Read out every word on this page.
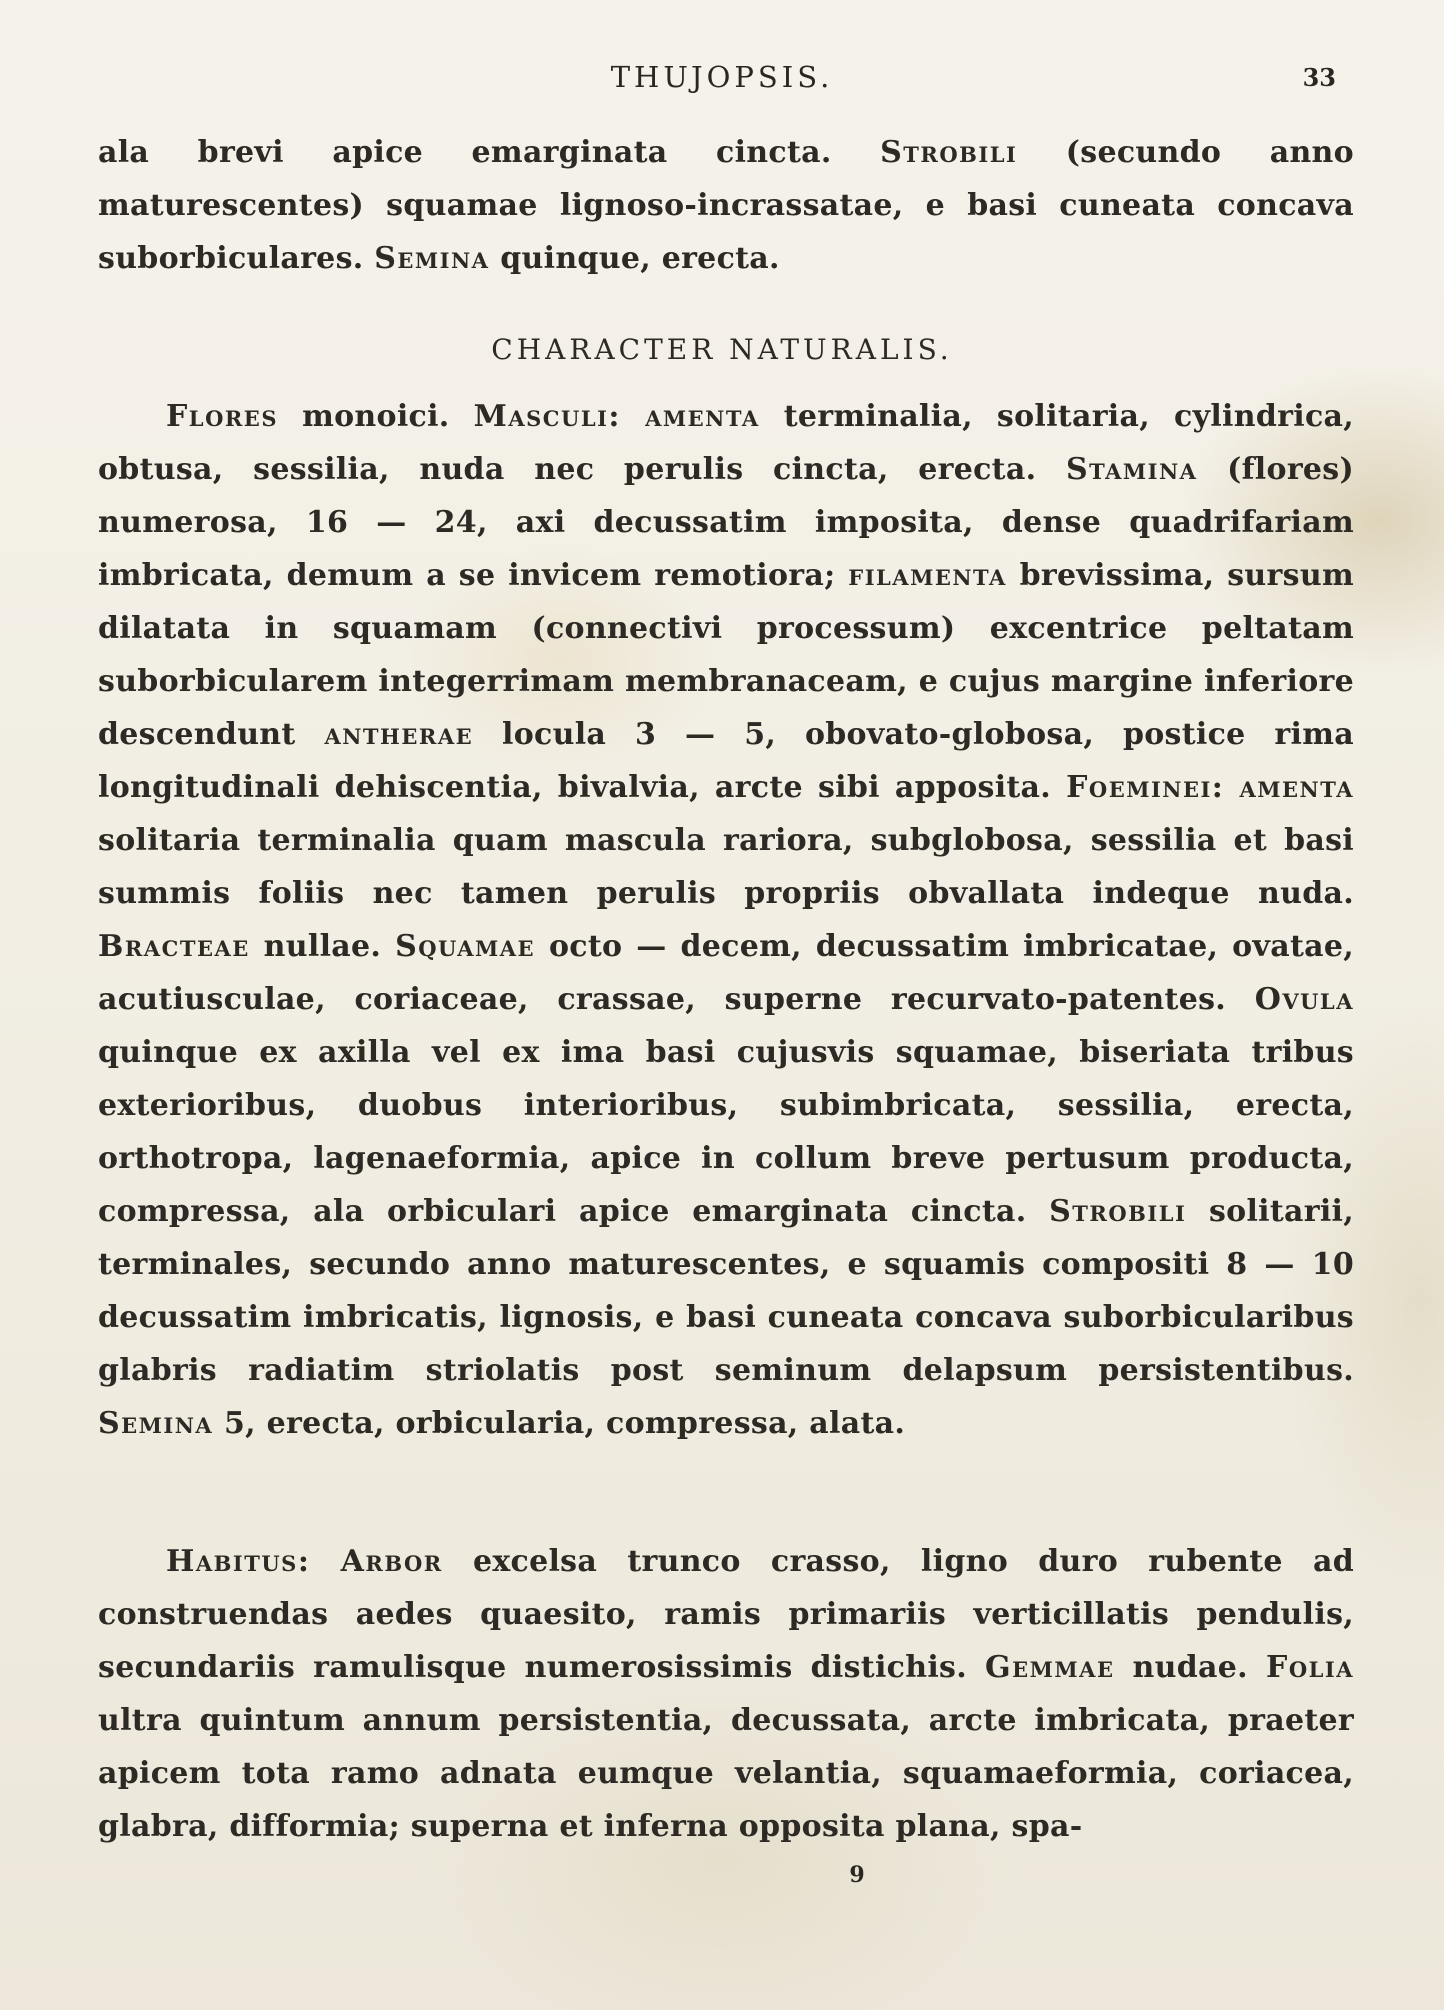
THUJOPSIS.	33

ala brevi apice emarginata cincta. Strobili (secundo anno maturescentes) squamae lignoso-incrassatae, e basi cuneata concava suborbiculares. Semina quinque, erecta.

CHARACTER NATURALIS.

Flores monoici. Masculi: amenta terminalia, solitaria, cylindrica, obtusa, sessilia, nuda nec perulis cincta, erecta. Stamina (flores) numerosa, 16 — 24, axi decussatim imposita, dense quadrifariam imbricata, demum a se invicem remotiora; filamenta brevissima, sursum dilatata in squamam (connectivi processum) excentrice peltatam suborbicularem integerrimam membranaceam, e cujus margine inferiore descendunt antherae locula 3 — 5, obovato-globosa, postice rima longitudinali dehiscentia, bivalvia, arcte sibi apposita. Foeminei: amenta solitaria terminalia quam mascula rariora, subglobosa, sessilia et basi summis foliis nec tamen perulis propriis obvallata indeque nuda. Bracteae nullae. Squamae octo — decem, decussatim imbricatae, ovatae, acutiusculae, coriaceae, crassae, superne recurvato-patentes. Ovula quinque ex axilla vel ex ima basi cujusvis squamae, biseriata tribus exterioribus, duobus interioribus, subimbricata, sessilia, erecta, orthotropa, lagenaeformia, apice in collum breve pertusum producta, compressa, ala orbiculari apice emarginata cincta. Strobili solitarii, terminales, secundo anno maturescentes, e squamis compositi 8 — 10 decussatim imbricatis, lignosis, e basi cuneata concava suborbicularibus glabris radiatim striolatis post seminum delapsum persistentibus. Semina 5, erecta, orbicularia, compressa, alata.

Habitus: Arbor excelsa trunco crasso, ligno duro rubente ad construendas aedes quaesito, ramis primariis verticillatis pendulis, secundariis ramulisque numerosissimis distichis. Gemmae nudae. Folia ultra quintum annum persistentia, decussata, arcte imbricata, praeter apicem tota ramo adnata eumque velantia, squamaeformia, coriacea, glabra, difformia; superna et inferna opposita plana, spa-

9
